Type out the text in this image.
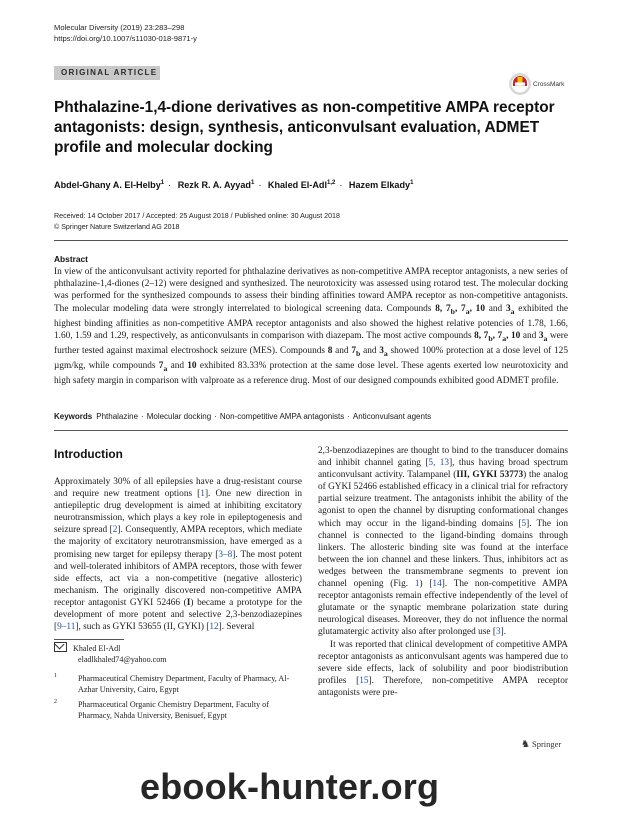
Molecular Diversity (2019) 23:283–298
https://doi.org/10.1007/s11030-018-9871-y
ORIGINAL ARTICLE
CrossMark
Phthalazine-1,4-dione derivatives as non-competitive AMPA receptor antagonists: design, synthesis, anticonvulsant evaluation, ADMET profile and molecular docking
Abdel-Ghany A. El-Helby$^1$ · Rezk R. A. Ayyad$^1$ · Khaled El-Adl$^{1,2}$ · Hazem Elkady$^1$
Received: 14 October 2017 / Accepted: 25 August 2018 / Published online: 30 August 2018
© Springer Nature Switzerland AG 2018
Abstract
In view of the anticonvulsant activity reported for phthalazine derivatives as non-competitive AMPA receptor antagonists, a new series of phthalazine-1,4-diones (2–12) were designed and synthesized. The neurotoxicity was assessed using rotarod test. The molecular docking was performed for the synthesized compounds to assess their binding affinities toward AMPA receptor as non-competitive antagonists. The molecular modeling data were strongly interrelated to biological screening data. Compounds 8, $7_b$, $7_a$, 10 and $3_a$ exhibited the highest binding affinities as non-competitive AMPA receptor antagonists and also showed the highest relative potencies of 1.78, 1.66, 1.60, 1.59 and 1.29, respectively, as anticonvulsants in comparison with diazepam. The most active compounds 8, $7_b$, $7_a$, 10 and $3_a$ were further tested against maximal electroshock seizure (MES). Compounds 8 and $7_b$ and $3_a$ showed 100% protection at a dose level of 125 µgm/kg, while compounds $7_a$ and 10 exhibited 83.33% protection at the same dose level. These agents exerted low neurotoxicity and high safety margin in comparison with valproate as a reference drug. Most of our designed compounds exhibited good ADMET profile.
Keywords Phthalazine · Molecular docking · Non-competitive AMPA antagonists · Anticonvulsant agents
Introduction

Approximately 30% of all epilepsies have a drug-resistant course and require new treatment options [1]. One new direction in antiepileptic drug development is aimed at inhibiting excitatory neurotransmission, which plays a key role in epileptogenesis and seizure spread [2]. Consequently, AMPA receptors, which mediate the majority of excitatory neurotransmission, have emerged as a promising new target for epilepsy therapy [3–8]. The most potent and well-tolerated inhibitors of AMPA receptors, those with fewer side effects, act via a non-competitive (negative allosteric) mechanism. The originally discovered non-competitive AMPA receptor antagonist GYKI 52466 (I) became a prototype for the development of more potent and selective 2,3-benzodiazepines [9–11], such as GYKI 53655 (II, GYKI) [12]. Several

2,3-benzodiazepines are thought to bind to the transducer domains and inhibit channel gating [5, 13], thus having broad spectrum anticonvulsant activity. Talampanel (III, GYKI 53773) the analog of GYKI 52466 established efficacy in a clinical trial for refractory partial seizure treatment. The antagonists inhibit the ability of the agonist to open the channel by disrupting conformational changes which may occur in the ligand-binding domains [5]. The ion channel is connected to the ligand-binding domains through linkers. The allosteric binding site was found at the interface between the ion channel and these linkers. Thus, inhibitors act as wedges between the transmembrane segments to prevent ion channel opening (Fig. 1) [14]. The non-competitive AMPA receptor antagonists remain effective independently of the level of glutamate or the synaptic membrane polarization state during neurological diseases. Moreover, they do not influence the normal glutamatergic activity also after prolonged use [3].

It was reported that clinical development of competitive AMPA receptor antagonists as anticonvulsant agents was hampered due to severe side effects, lack of solubility and poor biodistribution profiles [15]. Therefore, non-competitive AMPA receptor antagonists were pre-

Khaled El-Adl
eladlkhaled74@yahoo.com
1	Pharmaceutical Chemistry Department, Faculty of Pharmacy, Al-Azhar University, Cairo, Egypt
2	Pharmaceutical Organic Chemistry Department, Faculty of Pharmacy, Nahda University, Benisuef, Egypt
♞ Springer
ebook-hunter.org
